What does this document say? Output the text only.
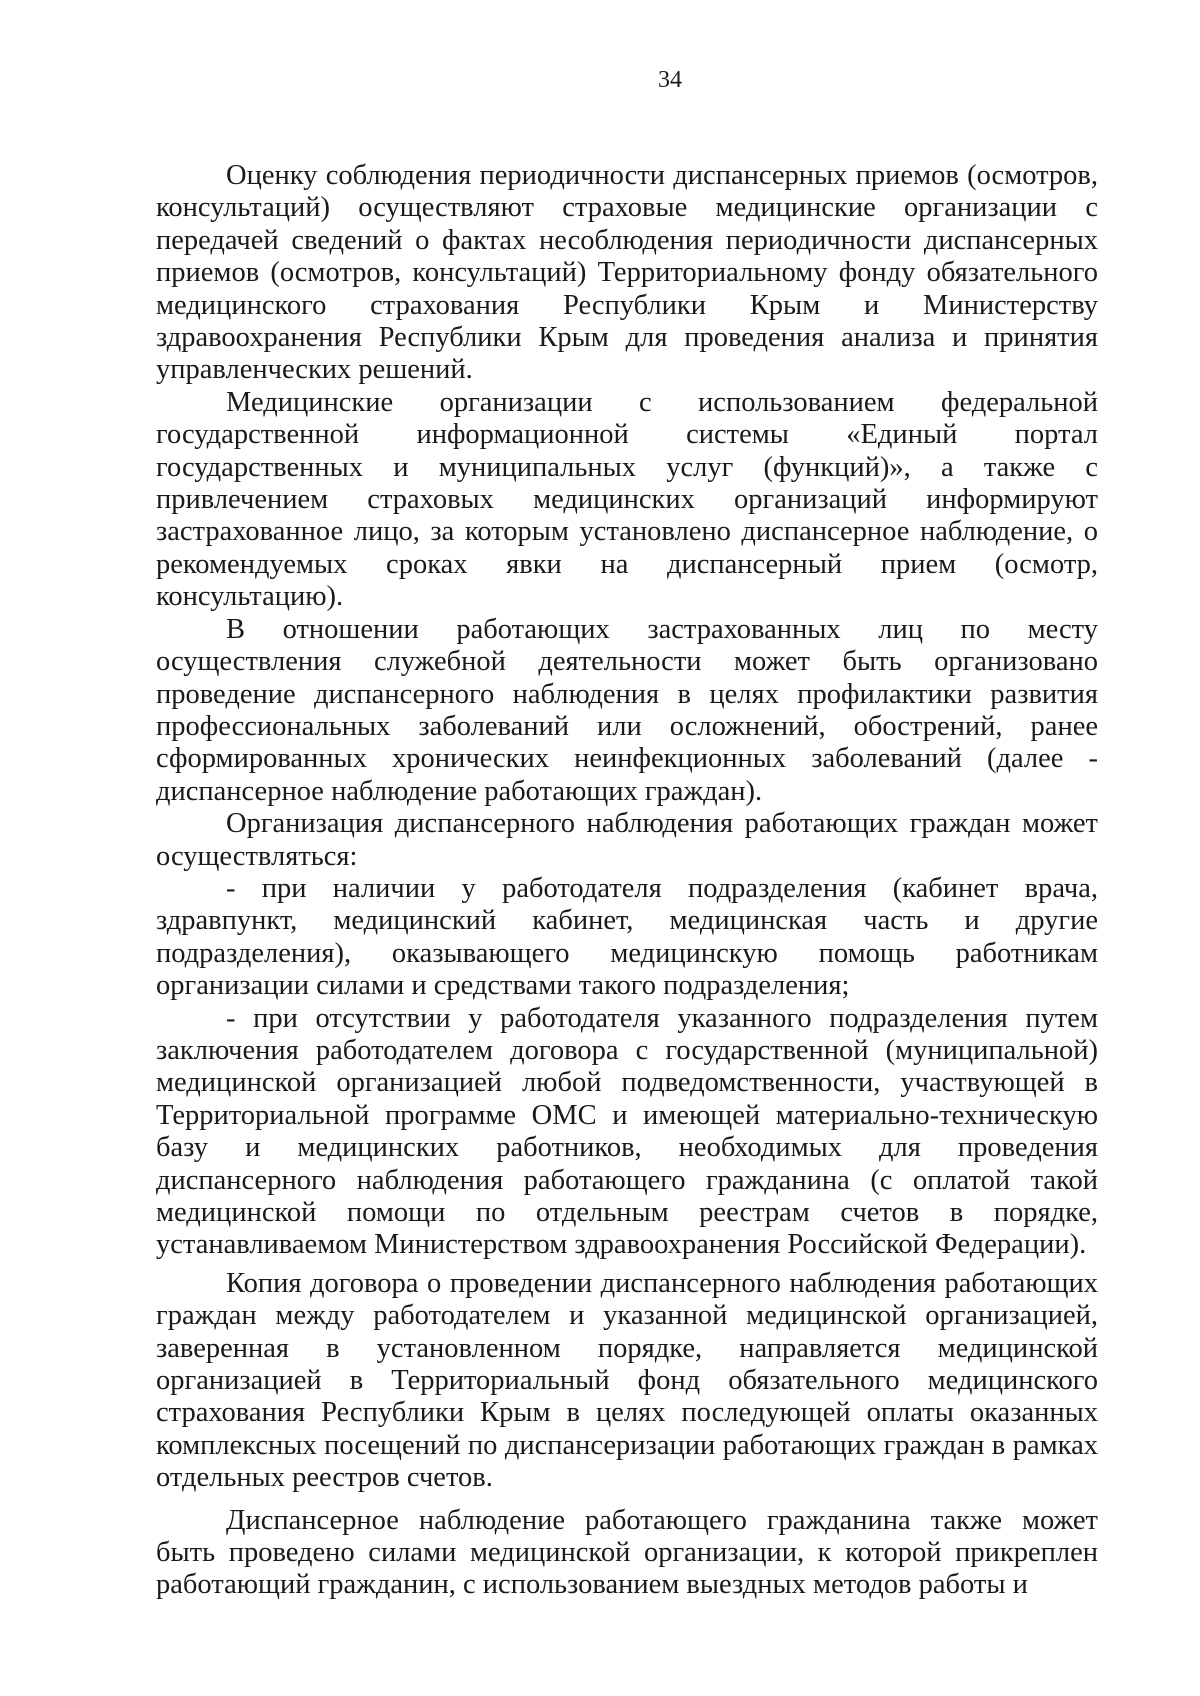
34

Оценку соблюдения периодичности диспансерных приемов (осмотров, консультаций) осуществляют страховые медицинские организации с передачей сведений о фактах несоблюдения периодичности диспансерных приемов (осмотров, консультаций) Территориальному фонду обязательного медицинского страхования Республики Крым и Министерству здравоохранения Республики Крым для проведения анализа и принятия управленческих решений.

Медицинские организации с использованием федеральной государственной информационной системы «Единый портал государственных и муниципальных услуг (функций)», а также с привлечением страховых медицинских организаций информируют застрахованное лицо, за которым установлено диспансерное наблюдение, о рекомендуемых сроках явки на диспансерный прием (осмотр, консультацию).

В отношении работающих застрахованных лиц по месту осуществления служебной деятельности может быть организовано проведение диспансерного наблюдения в целях профилактики развития профессиональных заболеваний или осложнений, обострений, ранее сформированных хронических неинфекционных заболеваний (далее - диспансерное наблюдение работающих граждан).

Организация диспансерного наблюдения работающих граждан может осуществляться:

- при наличии у работодателя подразделения (кабинет врача, здравпункт, медицинский кабинет, медицинская часть и другие подразделения), оказывающего медицинскую помощь работникам организации силами и средствами такого подразделения;

- при отсутствии у работодателя указанного подразделения путем заключения работодателем договора с государственной (муниципальной) медицинской организацией любой подведомственности, участвующей в Территориальной программе ОМС и имеющей материально-техническую базу и медицинских работников, необходимых для проведения диспансерного наблюдения работающего гражданина (с оплатой такой медицинской помощи по отдельным реестрам счетов в порядке, устанавливаемом Министерством здравоохранения Российской Федерации).

Копия договора о проведении диспансерного наблюдения работающих граждан между работодателем и указанной медицинской организацией, заверенная в установленном порядке, направляется медицинской организацией в Территориальный фонд обязательного медицинского страхования Республики Крым в целях последующей оплаты оказанных комплексных посещений по диспансеризации работающих граждан в рамках отдельных реестров счетов.

Диспансерное наблюдение работающего гражданина также может быть проведено силами медицинской организации, к которой прикреплен работающий гражданин, с использованием выездных методов работы и
